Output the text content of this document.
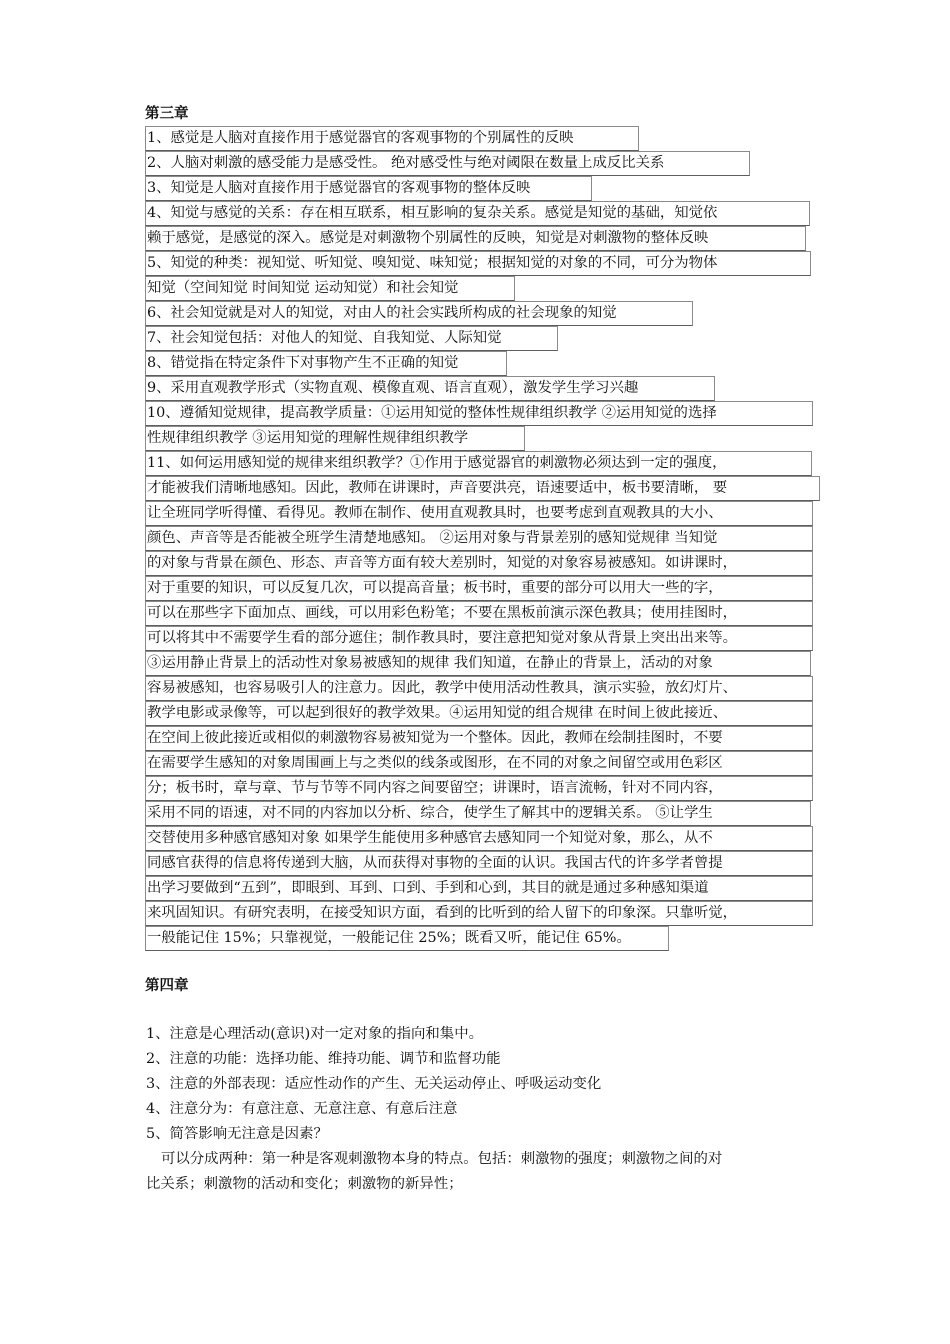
第三章
1、感觉是人脑对直接作用于感觉器官的客观事物的个别属性的反映
2、人脑对刺激的感受能力是感受性。 绝对感受性与绝对阈限在数量上成反比关系
3、知觉是人脑对直接作用于感觉器官的客观事物的整体反映
4、知觉与感觉的关系：存在相互联系，相互影响的复杂关系。感觉是知觉的基础，知觉依
赖于感觉，是感觉的深入。感觉是对刺激物个别属性的反映，知觉是对刺激物的整体反映
5、知觉的种类：视知觉、听知觉、嗅知觉、味知觉；根据知觉的对象的不同，可分为物体
知觉（空间知觉 时间知觉 运动知觉）和社会知觉
6、社会知觉就是对人的知觉，对由人的社会实践所构成的社会现象的知觉
7、社会知觉包括：对他人的知觉、自我知觉、人际知觉
8、错觉指在特定条件下对事物产生不正确的知觉
9、采用直观教学形式（实物直观、模像直观、语言直观），激发学生学习兴趣
10、遵循知觉规律，提高教学质量：①运用知觉的整体性规律组织教学 ②运用知觉的选择
性规律组织教学 ③运用知觉的理解性规律组织教学
11、如何运用感知觉的规律来组织教学？①作用于感觉器官的刺激物必须达到一定的强度，
才能被我们清晰地感知。因此，教师在讲课时，声音要洪亮，语速要适中，板书要清晰， 要
让全班同学听得懂、看得见。教师在制作、使用直观教具时，也要考虑到直观教具的大小、
颜色、声音等是否能被全班学生清楚地感知。 ②运用对象与背景差别的感知觉规律 当知觉
的对象与背景在颜色、形态、声音等方面有较大差别时，知觉的对象容易被感知。如讲课时，
对于重要的知识，可以反复几次，可以提高音量；板书时，重要的部分可以用大一些的字，
可以在那些字下面加点、画线，可以用彩色粉笔；不要在黑板前演示深色教具；使用挂图时，
可以将其中不需要学生看的部分遮住；制作教具时，要注意把知觉对象从背景上突出出来等。
③运用静止背景上的活动性对象易被感知的规律 我们知道，在静止的背景上，活动的对象
容易被感知，也容易吸引人的注意力。因此，教学中使用活动性教具，演示实验，放幻灯片、
教学电影或录像等，可以起到很好的教学效果。④运用知觉的组合规律 在时间上彼此接近、
在空间上彼此接近或相似的刺激物容易被知觉为一个整体。因此，教师在绘制挂图时，不要
在需要学生感知的对象周围画上与之类似的线条或图形，在不同的对象之间留空或用色彩区
分；板书时，章与章、节与节等不同内容之间要留空；讲课时，语言流畅，针对不同内容，
采用不同的语速，对不同的内容加以分析、综合，使学生了解其中的逻辑关系。 ⑤让学生
交替使用多种感官感知对象 如果学生能使用多种感官去感知同一个知觉对象，那么，从不
同感官获得的信息将传递到大脑，从而获得对事物的全面的认识。我国古代的许多学者曾提
出学习要做到“五到”，即眼到、耳到、口到、手到和心到，其目的就是通过多种感知渠道
来巩固知识。有研究表明，在接受知识方面，看到的比听到的给人留下的印象深。只靠听觉，
一般能记住 15%；只靠视觉，一般能记住 25%；既看又听，能记住 65%。
第四章
1、注意是心理活动(意识)对一定对象的指向和集中。
2、注意的功能：选择功能、维持功能、调节和监督功能
3、注意的外部表现：适应性动作的产生、无关运动停止、呼吸运动变化
4、注意分为：有意注意、无意注意、有意后注意
5、简答影响无注意是因素？
可以分成两种：第一种是客观刺激物本身的特点。包括：刺激物的强度；刺激物之间的对
比关系；刺激物的活动和变化；刺激物的新异性；
